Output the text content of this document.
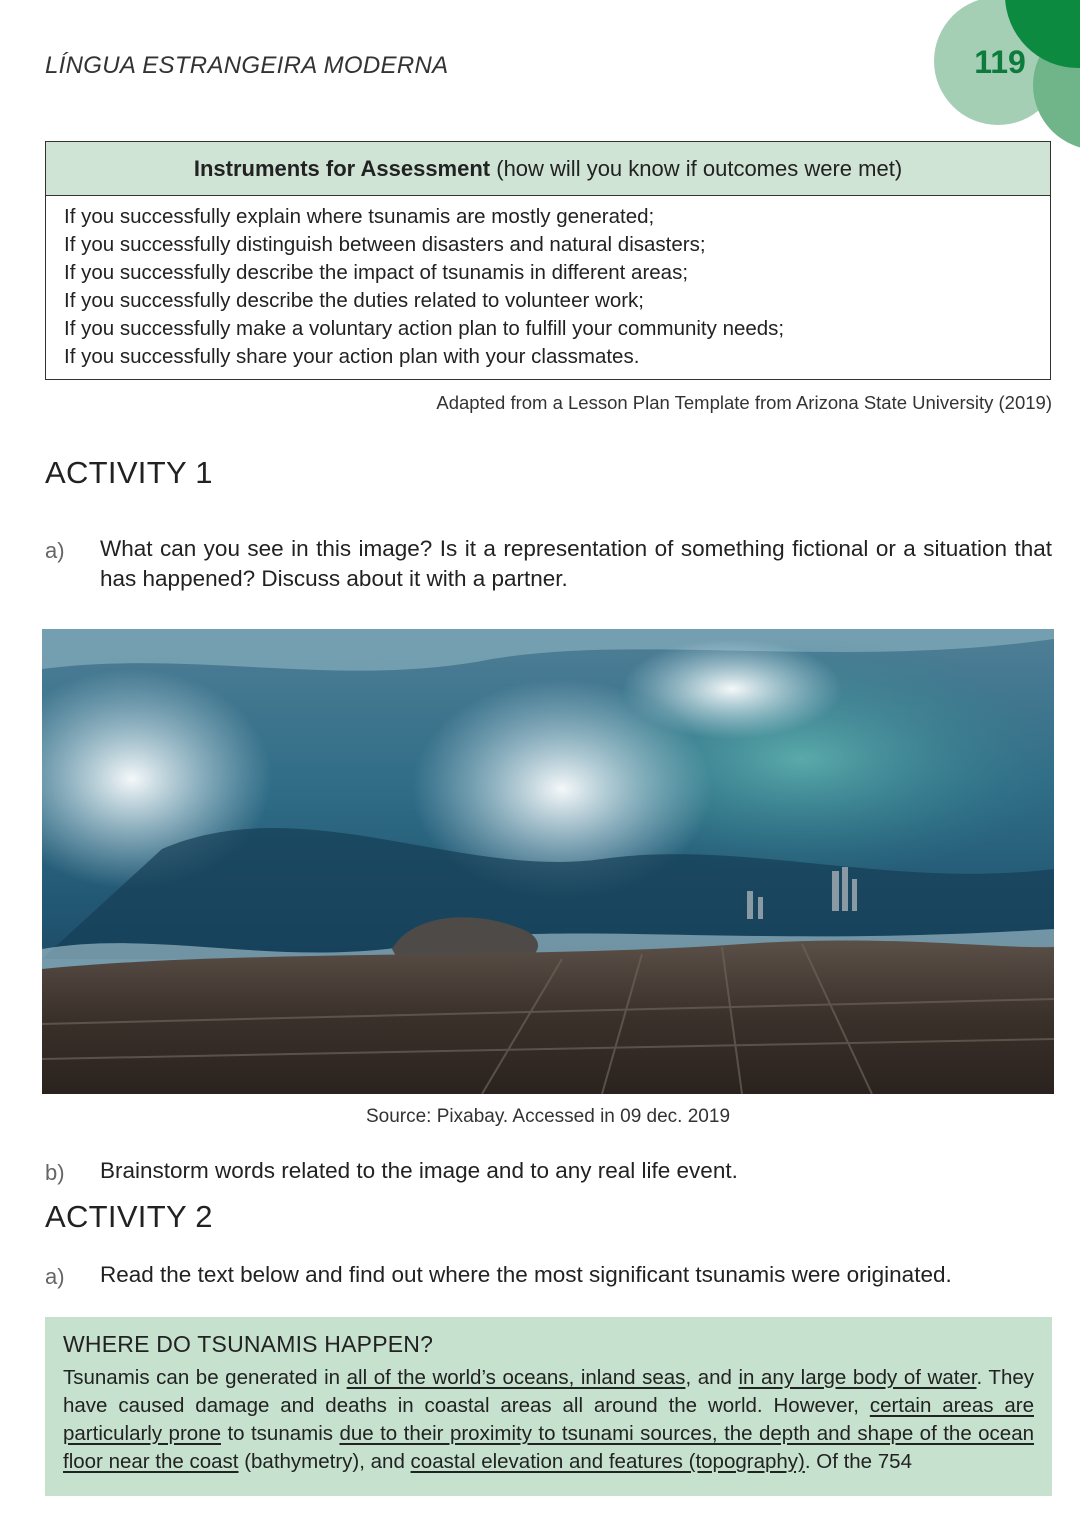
LÍNGUA ESTRANGEIRA MODERNA	119
Instruments for Assessment (how will you know if outcomes were met)
If you successfully explain where tsunamis are mostly generated;
If you successfully distinguish between disasters and natural disasters;
If you successfully describe the impact of tsunamis in different areas;
If you successfully describe the duties related to volunteer work;
If you successfully make a voluntary action plan to fulfill your community needs;
If you successfully share your action plan with your classmates.
Adapted from a Lesson Plan Template from Arizona State University (2019)
ACTIVITY 1
a) What can you see in this image? Is it a representation of something fictional or a situation that has happened? Discuss about it with a partner.
Source: Pixabay. Accessed in 09 dec. 2019
b) Brainstorm words related to the image and to any real life event.
ACTIVITY 2
a) Read the text below and find out where the most significant tsunamis were originated.
WHERE DO TSUNAMIS HAPPEN?
Tsunamis can be generated in all of the world’s oceans, inland seas, and in any large body of water. They have caused damage and deaths in coastal areas all around the world. However, certain areas are particularly prone to tsunamis due to their proximity to tsunami sources, the depth and shape of the ocean floor near the coast (bathymetry), and coastal elevation and features (topography). Of the 754
